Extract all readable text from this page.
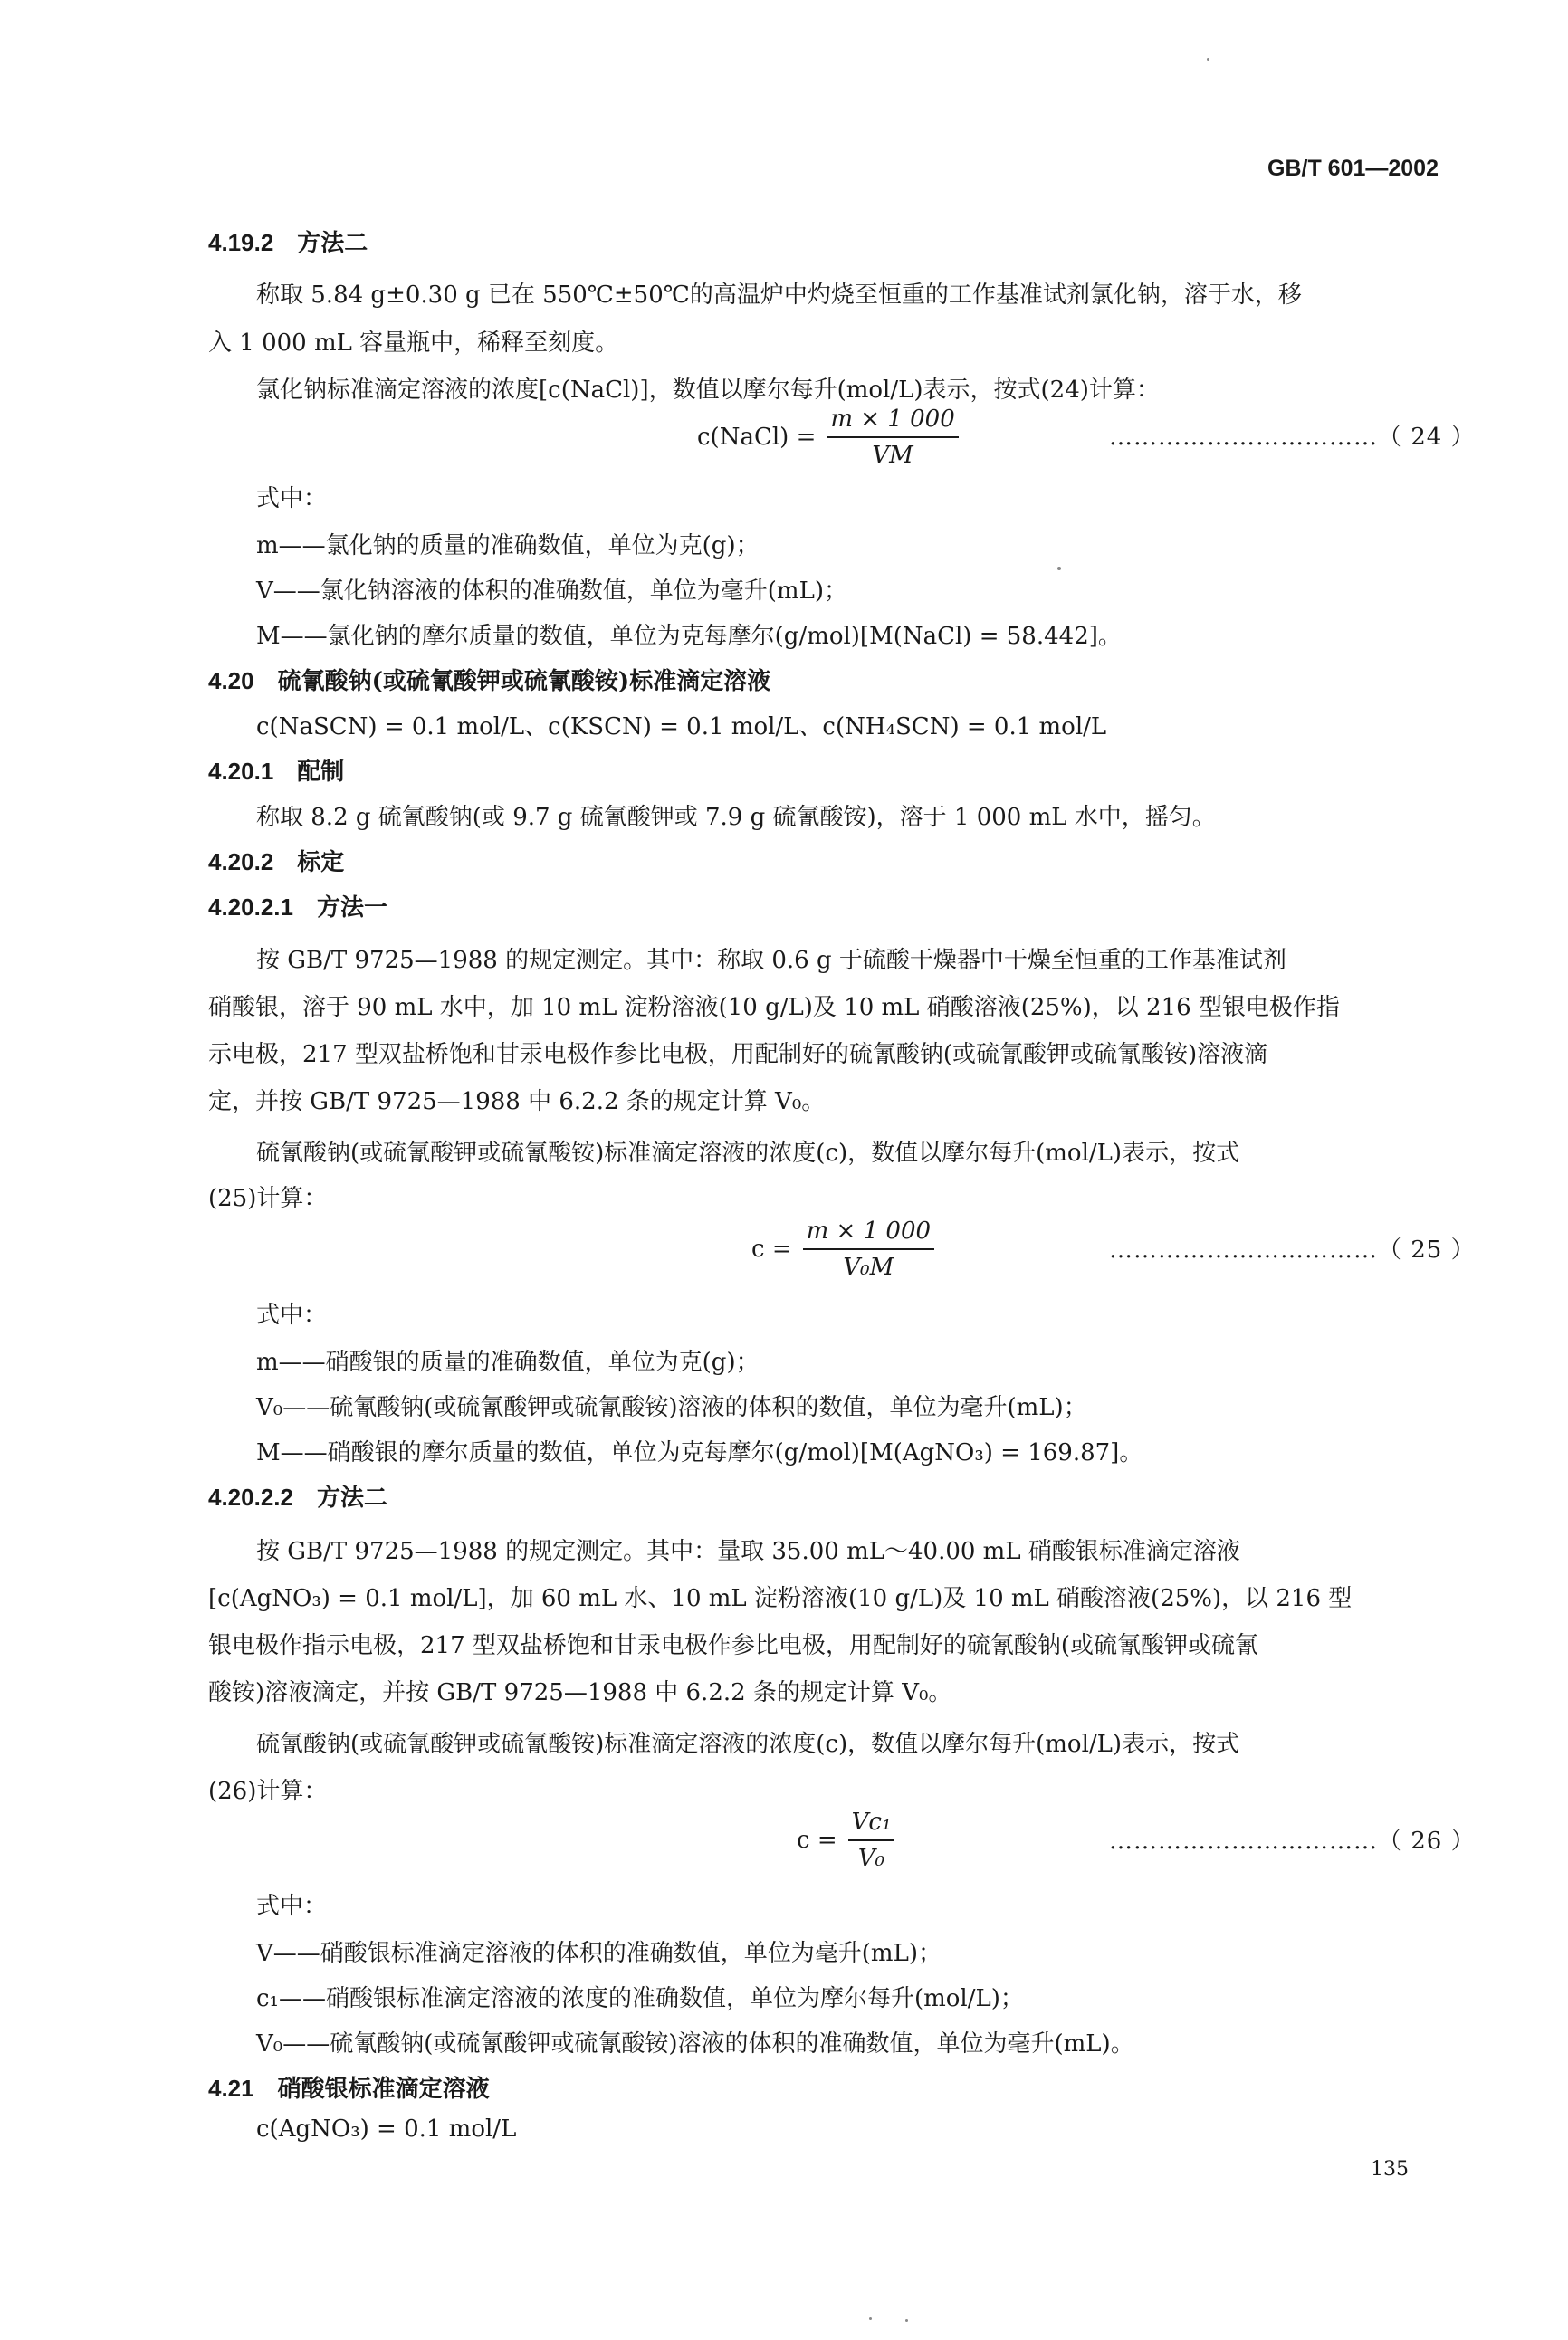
GB/T 601—2002
4.19.2 方法二
称取 5.84 g±0.30 g 已在 550℃±50℃的高温炉中灼烧至恒重的工作基准试剂氯化钠，溶于水，移
入 1 000 mL 容量瓶中，稀释至刻度。
氯化钠标准滴定溶液的浓度[c(NaCl)]，数值以摩尔每升(mol/L)表示，按式(24)计算：
c(NaCl) = $\frac{m \times 1 000}{VM}$	……………………………（ 24 ）
式中：
m——氯化钠的质量的准确数值，单位为克(g)；
V——氯化钠溶液的体积的准确数值，单位为毫升(mL)；
M——氯化钠的摩尔质量的数值，单位为克每摩尔(g/mol)[M(NaCl) = 58.442]。
4.20 硫氰酸钠(或硫氰酸钾或硫氰酸铵)标准滴定溶液
c(NaSCN) = 0.1 mol/L、c(KSCN) = 0.1 mol/L、c(NH₄SCN) = 0.1 mol/L
4.20.1 配制
称取 8.2 g 硫氰酸钠(或 9.7 g 硫氰酸钾或 7.9 g 硫氰酸铵)，溶于 1 000 mL 水中，摇匀。
4.20.2 标定
4.20.2.1 方法一
按 GB/T 9725—1988 的规定测定。其中：称取 0.6 g 于硫酸干燥器中干燥至恒重的工作基准试剂
硝酸银，溶于 90 mL 水中，加 10 mL 淀粉溶液(10 g/L)及 10 mL 硝酸溶液(25%)，以 216 型银电极作指
示电极，217 型双盐桥饱和甘汞电极作参比电极，用配制好的硫氰酸钠(或硫氰酸钾或硫氰酸铵)溶液滴
定，并按 GB/T 9725—1988 中 6.2.2 条的规定计算 V₀。
硫氰酸钠(或硫氰酸钾或硫氰酸铵)标准滴定溶液的浓度(c)，数值以摩尔每升(mol/L)表示，按式
(25)计算：
$c = \frac{m \times 1 000}{\text{V₀M}}$	……………………………（ 25 ）
式中：
m——硝酸银的质量的准确数值，单位为克(g)；
V₀——硫氰酸钠(或硫氰酸钾或硫氰酸铵)溶液的体积的数值，单位为毫升(mL)；
M——硝酸银的摩尔质量的数值，单位为克每摩尔(g/mol)[M(AgNO₃) = 169.87]。
4.20.2.2 方法二
按 GB/T 9725—1988 的规定测定。其中：量取 35.00 mL～40.00 mL 硝酸银标准滴定溶液
[c(AgNO₃) = 0.1 mol/L]，加 60 mL 水、10 mL 淀粉溶液(10 g/L)及 10 mL 硝酸溶液(25%)，以 216 型
银电极作指示电极，217 型双盐桥饱和甘汞电极作参比电极，用配制好的硫氰酸钠(或硫氰酸钾或硫氰
酸铵)溶液滴定，并按 GB/T 9725—1988 中 6.2.2 条的规定计算 V₀。
硫氰酸钠(或硫氰酸钾或硫氰酸铵)标准滴定溶液的浓度(c)，数值以摩尔每升(mol/L)表示，按式
(26)计算：
$c = \frac{\text{Vc₁}}{\text{V₀}}$	……………………………（ 26 ）
式中：
V——硝酸银标准滴定溶液的体积的准确数值，单位为毫升(mL)；
c₁——硝酸银标准滴定溶液的浓度的准确数值，单位为摩尔每升(mol/L)；
V₀——硫氰酸钠(或硫氰酸钾或硫氰酸铵)溶液的体积的准确数值，单位为毫升(mL)。
4.21 硝酸银标准滴定溶液
c(AgNO₃) = 0.1 mol/L
135
